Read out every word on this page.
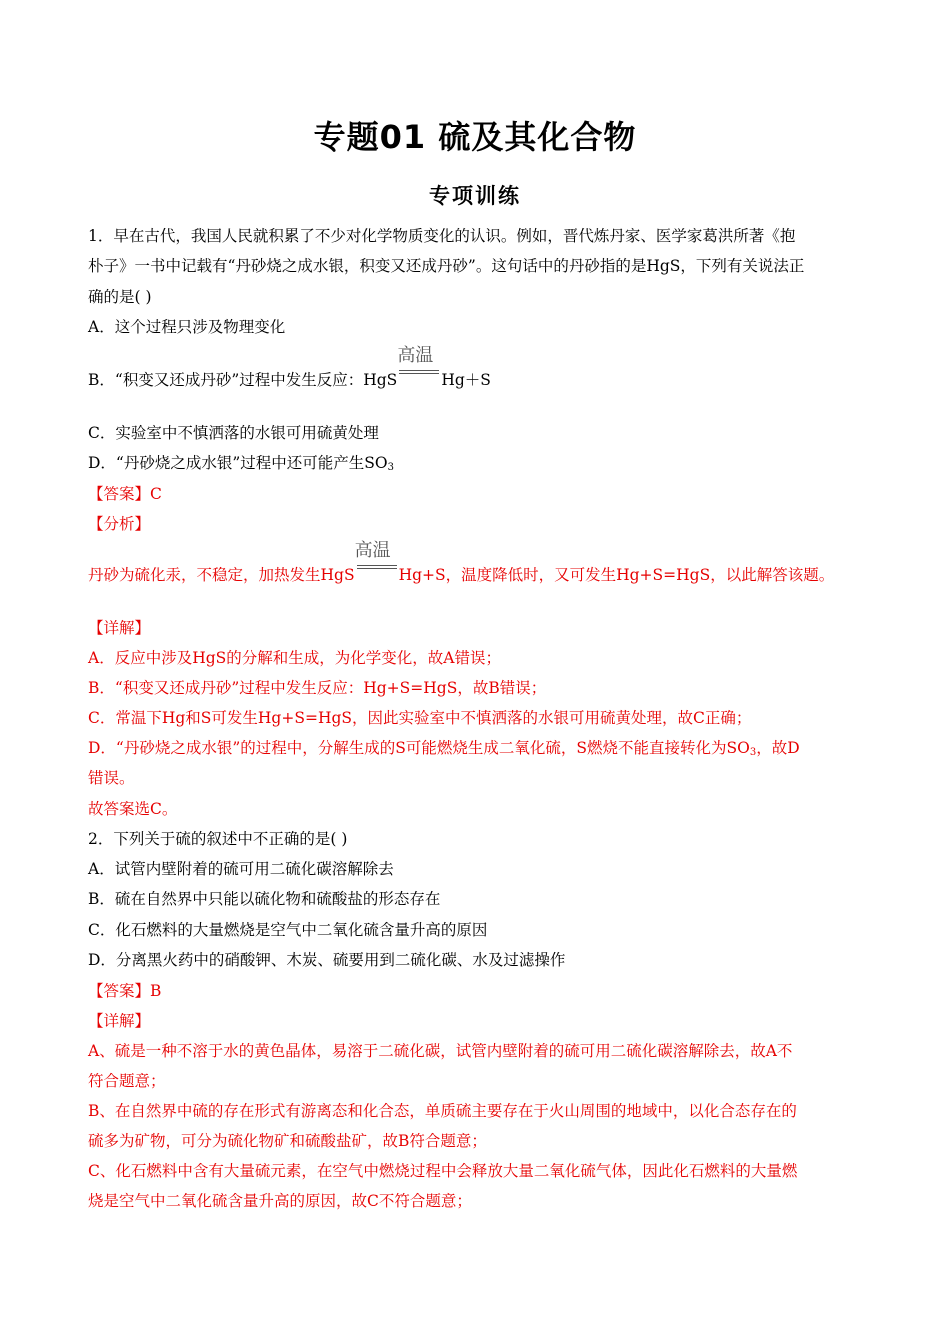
专题01 硫及其化合物
专项训练
1．早在古代，我国人民就积累了不少对化学物质变化的认识。例如，晋代炼丹家、医学家葛洪所著《抱
朴子》一书中记载有“丹砂烧之成水银，积变又还成丹砂”。这句话中的丹砂指的是HgS，下列有关说法正
确的是( )
A．这个过程只涉及物理变化
B．“积变又还成丹砂”过程中发生反应：HgS
高温
Hg＋S
C．实验室中不慎洒落的水银可用硫黄处理
D．“丹砂烧之成水银”过程中还可能产生$SO_3$
【答案】C
【分析】
丹砂为硫化汞，不稳定，加热发生HgS
高温
Hg+S，温度降低时，又可发生Hg+S=HgS，以此解答该题。
【详解】
A．反应中涉及HgS的分解和生成，为化学变化，故A错误；
B．“积变又还成丹砂”过程中发生反应：Hg+S=HgS，故B错误；
C．常温下Hg和S可发生Hg+S=HgS，因此实验室中不慎洒落的水银可用硫黄处理，故C正确；
D．“丹砂烧之成水银”的过程中，分解生成的S可能燃烧生成二氧化硫，S燃烧不能直接转化为$SO_3$，故D
错误。
故答案选C。
2．下列关于硫的叙述中不正确的是( )
A．试管内壁附着的硫可用二硫化碳溶解除去
B．硫在自然界中只能以硫化物和硫酸盐的形态存在
C．化石燃料的大量燃烧是空气中二氧化硫含量升高的原因
D．分离黑火药中的硝酸钾、木炭、硫要用到二硫化碳、水及过滤操作
【答案】B
【详解】
A、硫是一种不溶于水的黄色晶体，易溶于二硫化碳，试管内壁附着的硫可用二硫化碳溶解除去，故A不
符合题意；
B、在自然界中硫的存在形式有游离态和化合态，单质硫主要存在于火山周围的地域中，以化合态存在的
硫多为矿物，可分为硫化物矿和硫酸盐矿，故B符合题意；
C、化石燃料中含有大量硫元素，在空气中燃烧过程中会释放大量二氧化硫气体，因此化石燃料的大量燃
烧是空气中二氧化硫含量升高的原因，故C不符合题意；
